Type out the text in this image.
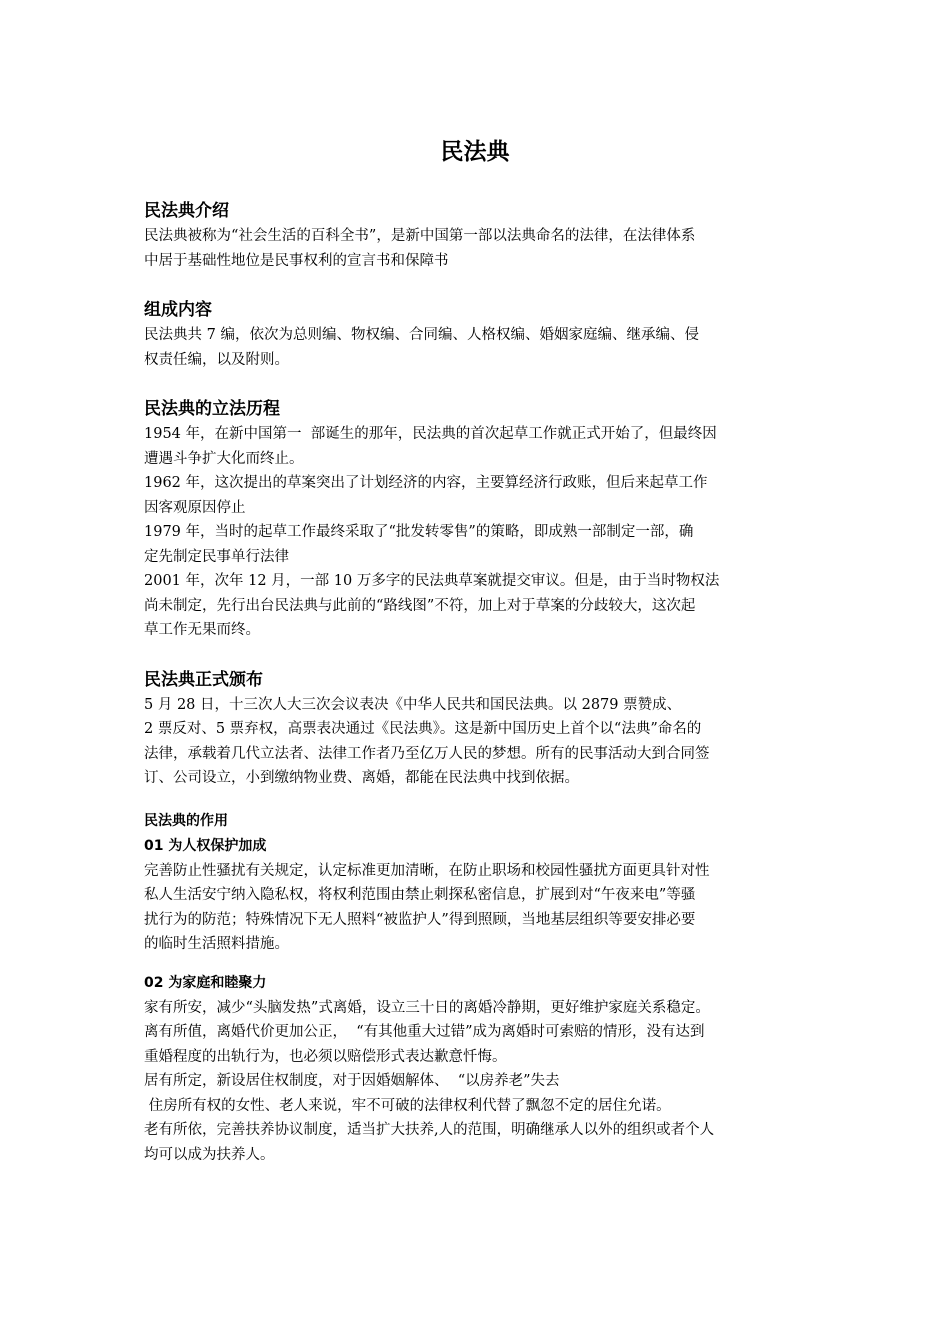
民法典
民法典介绍

民法典被称为“社会生活的百科全书”，是新中国第一部以法典命名的法律，在法律体系

中居于基础性地位是民事权利的宣言书和保障书

组成内容

民法典共 7 编，依次为总则编、物权编、合同编、人格权编、婚姻家庭编、继承编、侵

权责任编，以及附则。

民法典的立法历程

1954 年，在新中国第一  部诞生的那年，民法典的首次起草工作就正式开始了，但最终因

遭遇斗争扩大化而终止。

1962 年，这次提出的草案突出了计划经济的内容，主要算经济行政账，但后来起草工作

因客观原因停止

1979 年，当时的起草工作最终采取了“批发转零售”的策略，即成熟一部制定一部，确

定先制定民事单行法律

2001 年，次年 12 月，一部 10 万多字的民法典草案就提交审议。但是，由于当时物权法

尚未制定，先行出台民法典与此前的“路线图”不符，加上对于草案的分歧较大，这次起

草工作无果而终。

民法典正式颁布

5 月 28 日，十三次人大三次会议表决《中华人民共和国民法典。以 2879 票赞成、

2 票反对、5 票弃权，高票表决通过《民法典》。这是新中国历史上首个以“法典”命名的

法律，承载着几代立法者、法律工作者乃至亿万人民的梦想。所有的民事活动大到合同签

订、公司设立，小到缴纳物业费、离婚，都能在民法典中找到依据。

民法典的作用
01 为人权保护加成

完善防止性骚扰有关规定，认定标准更加清晰，在防止职场和校园性骚扰方面更具针对性

私人生活安宁纳入隐私权，将权利范围由禁止刺探私密信息，扩展到对“午夜来电”等骚

扰行为的防范；特殊情况下无人照料“被监护人”得到照顾，当地基层组织等要安排必要

的临时生活照料措施。

02 为家庭和睦聚力

家有所安，减少“头脑发热”式离婚，设立三十日的离婚冷静期，更好维护家庭关系稳定。

离有所值，离婚代价更加公正，  “有其他重大过错”成为离婚时可索赔的情形，没有达到

重婚程度的出轨行为，也必须以赔偿形式表达歉意忏悔。

居有所定，新设居住权制度，对于因婚姻解体、  “以房养老”失去

住房所有权的女性、老人来说，牢不可破的法律权利代替了飘忽不定的居住允诺。

老有所依，完善扶养协议制度，适当扩大扶养,人的范围，明确继承人以外的组织或者个人

均可以成为扶养人。
